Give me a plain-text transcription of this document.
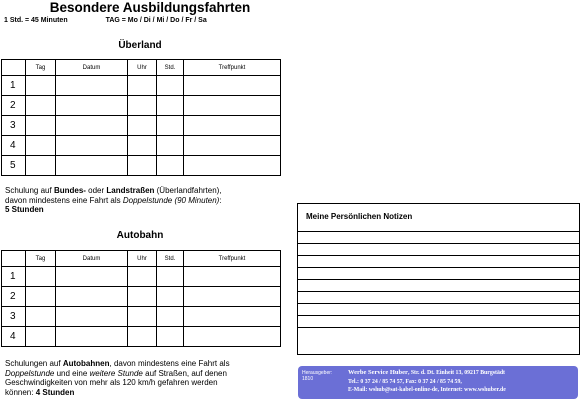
Besondere Ausbildungsfahrten
1 Std. = 45 Minuten	TAG = Mo / Di / Mi / Do / Fr / Sa
Überland
	Tag	Datum	Uhr	Std.	Treffpunkt
1					
2					
3					
4					
5					
Schulung auf Bundes- oder Landstraßen (Überlandfahrten),
davon mindestens eine Fahrt als Doppelstunde (90 Minuten):
5 Stunden
Autobahn
	Tag	Datum	Uhr	Std.	Treffpunkt
1					
2					
3					
4					
Schulungen auf Autobahnen, davon mindestens eine Fahrt als
Doppelstunde und eine weitere Stunde auf Straßen, auf denen
Geschwindigkeiten von mehr als 120 km/h gefahren werden
können: 4 Stunden
Meine Persönlichen Notizen
Herausgeber:
1810
Werbe Service Huber, Str. d. Dt. Einheit 13, 09217 Burgstädt
Tel.: 0 37 24 / 85 74 57, Fax: 0 37 24 / 85 74 59,
E-Mail: wshub@sat-kabel-online-de, Internet: www.wshuber.de
